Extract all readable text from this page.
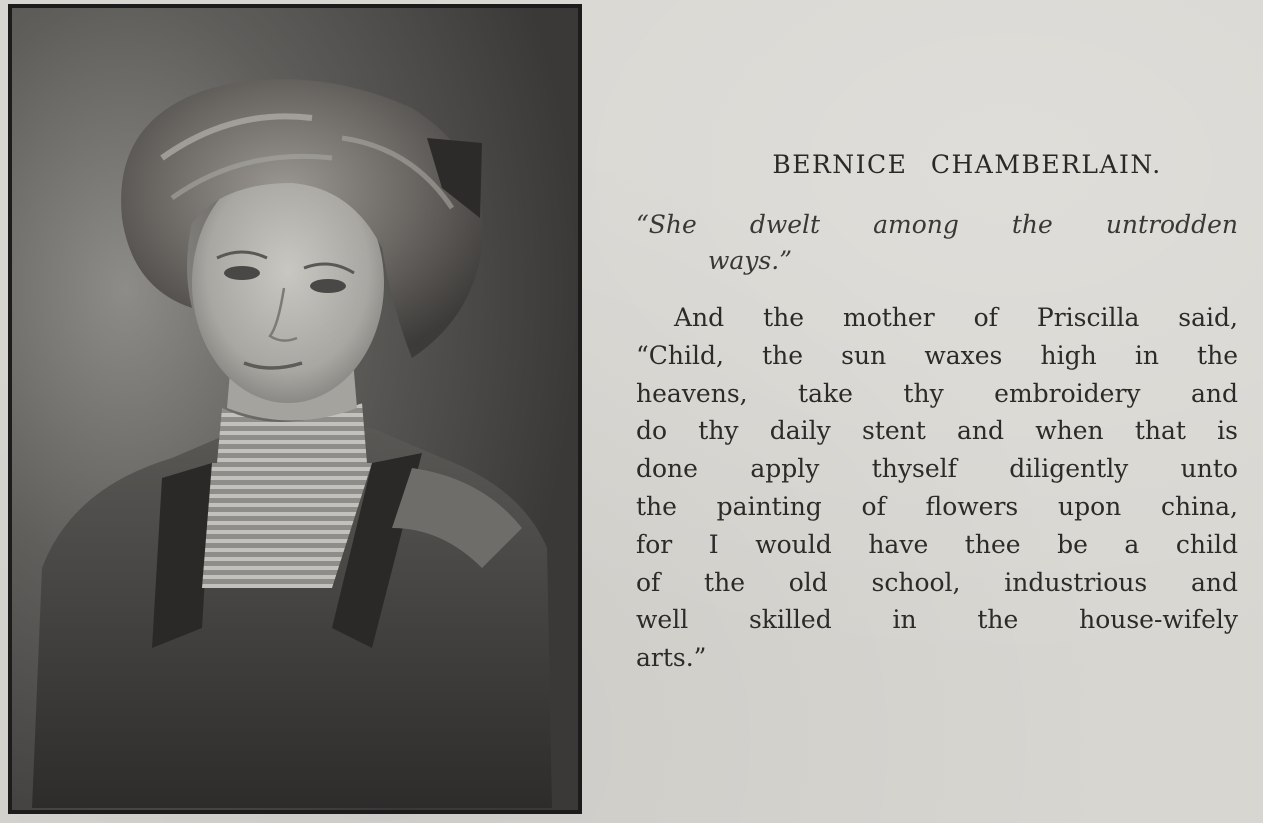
BERNICE CHAMBERLAIN.

“She dwelt among the untrodden

ways.”

And the mother of Priscilla said,
“Child, the sun waxes high in the
heavens, take thy embroidery and
do thy daily stent and when that is
done apply thyself diligently unto
the painting of flowers upon china,
for I would have thee be a child
of the old school, industrious and
well skilled in the house-wifely
arts.”
